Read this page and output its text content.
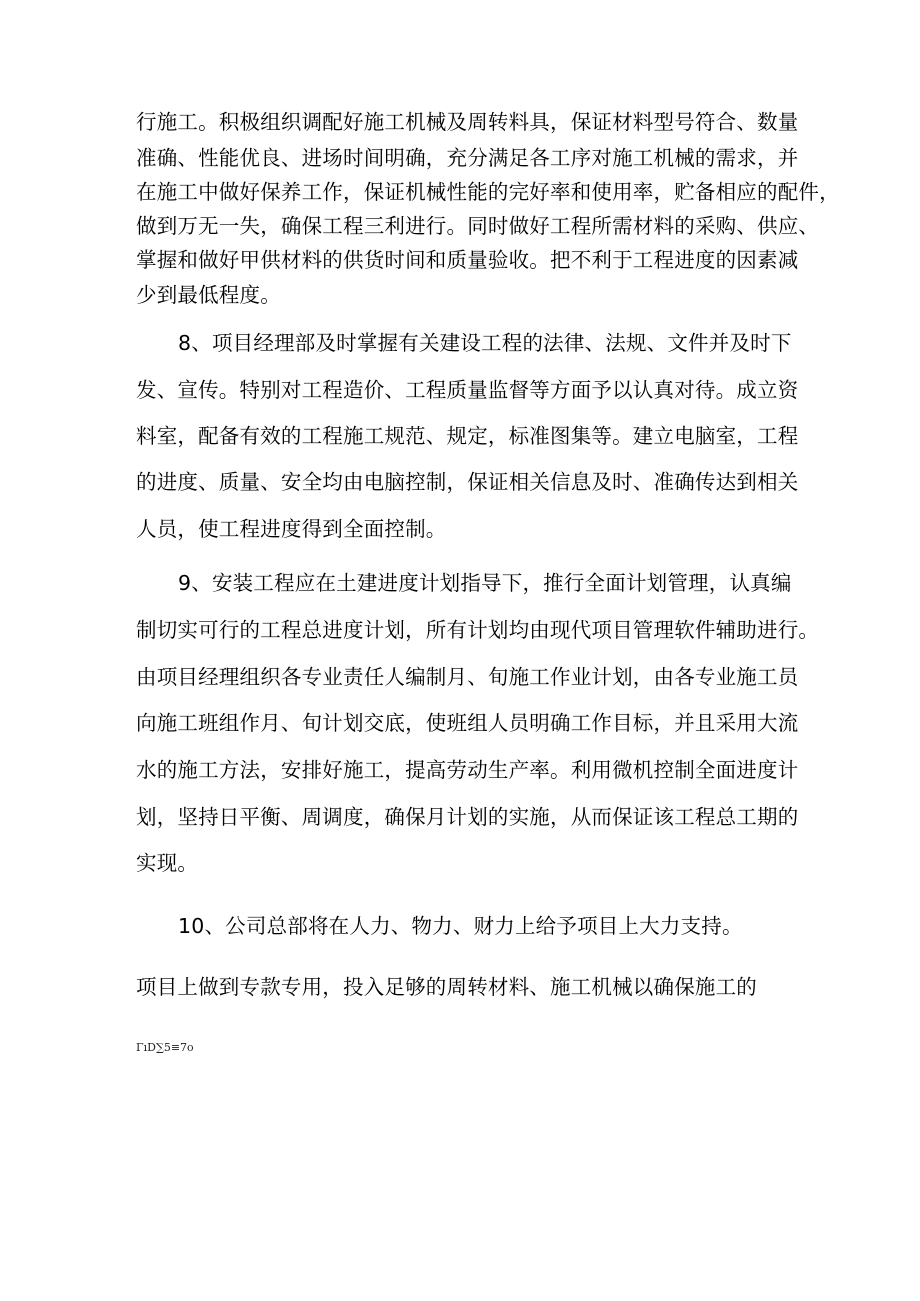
行施工。积极组织调配好施工机械及周转料具，保证材料型号符合、数量
准确、性能优良、进场时间明确，充分满足各工序对施工机械的需求，并
在施工中做好保养工作，保证机械性能的完好率和使用率，贮备相应的配件，
做到万无一失，确保工程三利进行。同时做好工程所需材料的采购、供应、
掌握和做好甲供材料的供货时间和质量验收。把不利于工程进度的因素减
少到最低程度。
8、项目经理部及时掌握有关建设工程的法律、法规、文件并及时下
发、宣传。特别对工程造价、工程质量监督等方面予以认真对待。成立资
料室，配备有效的工程施工规范、规定，标准图集等。建立电脑室，工程
的进度、质量、安全均由电脑控制，保证相关信息及时、准确传达到相关
人员，使工程进度得到全面控制。
9、安装工程应在土建进度计划指导下，推行全面计划管理，认真编
制切实可行的工程总进度计划，所有计划均由现代项目管理软件辅助进行。
由项目经理组织各专业责任人编制月、旬施工作业计划，由各专业施工员
向施工班组作月、旬计划交底，使班组人员明确工作目标，并且采用大流
水的施工方法，安排好施工，提高劳动生产率。利用微机控制全面进度计
划，坚持日平衡、周调度，确保月计划的实施，从而保证该工程总工期的
实现。
10、公司总部将在人力、物力、财力上给予项目上大力支持。
项目上做到专款专用，投入足够的周转材料、施工机械以确保施工的
ΓıD∑5≡7o
